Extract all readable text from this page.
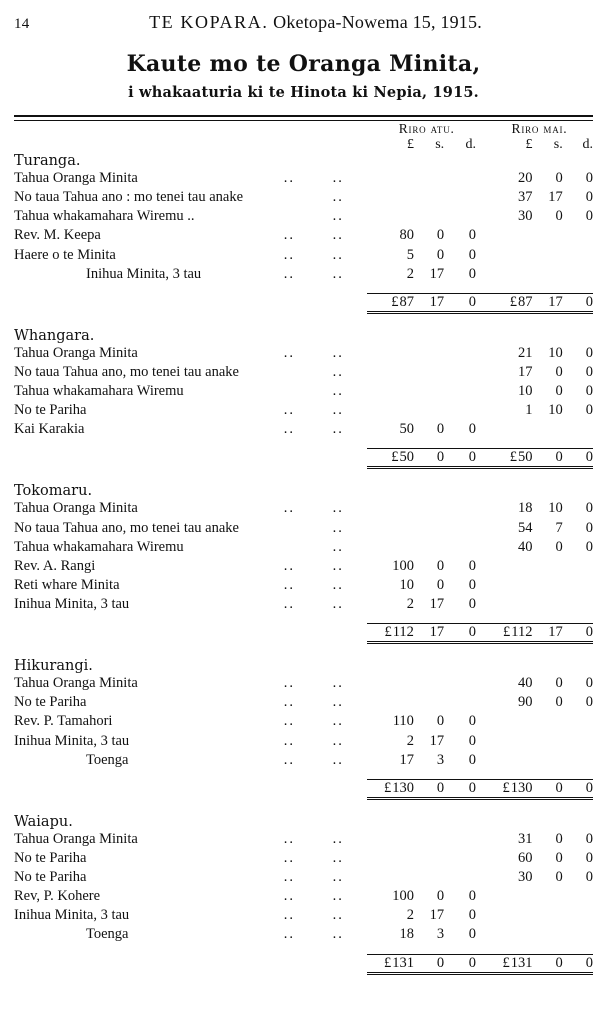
14	TE KOPARA. Oketopa-Nowema 15, 1915.
Kaute mo te Oranga Minita,
i whakaaturia ki te Hinota ki Nepia, 1915.
			Riro atu.			Riro mai.		
			£	s.	d.	£	s.	d.
Turanga.								
Tahua Oranga Minita	..	..				20	0	0
No taua Tahua ano : mo tenei tau anake		..				37	17	0
Tahua whakamahara Wiremu ..		..				30	0	0
Rev. M. Keepa	..	..	80	0	0			
Haere o te Minita	..	..	5	0	0			
Inihua Minita, 3 tau	..	..	2	17	0			

			£87	17	0	£87	17	0

Whangara.								
Tahua Oranga Minita	..	..				21	10	0
No taua Tahua ano, mo tenei tau anake		..				17	0	0
Tahua whakamahara Wiremu		..				10	0	0
No te Pariha	..	..				1	10	0
Kai Karakia	..	..	50	0	0			

			£50	0	0	£50	0	0

Tokomaru.								
Tahua Oranga Minita	..	..				18	10	0
No taua Tahua ano, mo tenei tau anake		..				54	7	0
Tahua whakamahara Wiremu		..				40	0	0
Rev. A. Rangi	..	..	100	0	0			
Reti whare Minita	..	..	10	0	0			
Inihua Minita, 3 tau	..	..	2	17	0			

			£112	17	0	£112	17	0

Hikurangi.								
Tahua Oranga Minita	..	..				40	0	0
No te Pariha	..	..				90	0	0
Rev. P. Tamahori	..	..	110	0	0			
Inihua Minita, 3 tau	..	..	2	17	0			
Toenga	..	..	17	3	0			

			£130	0	0	£130	0	0

Waiapu.								
Tahua Oranga Minita	..	..				31	0	0
No te Pariha	..	..				60	0	0
No te Pariha	..	..				30	0	0
Rev, P. Kohere	..	..	100	0	0			
Inihua Minita, 3 tau	..	..	2	17	0			
Toenga	..	..	18	3	0			

			£131	0	0	£131	0	0
